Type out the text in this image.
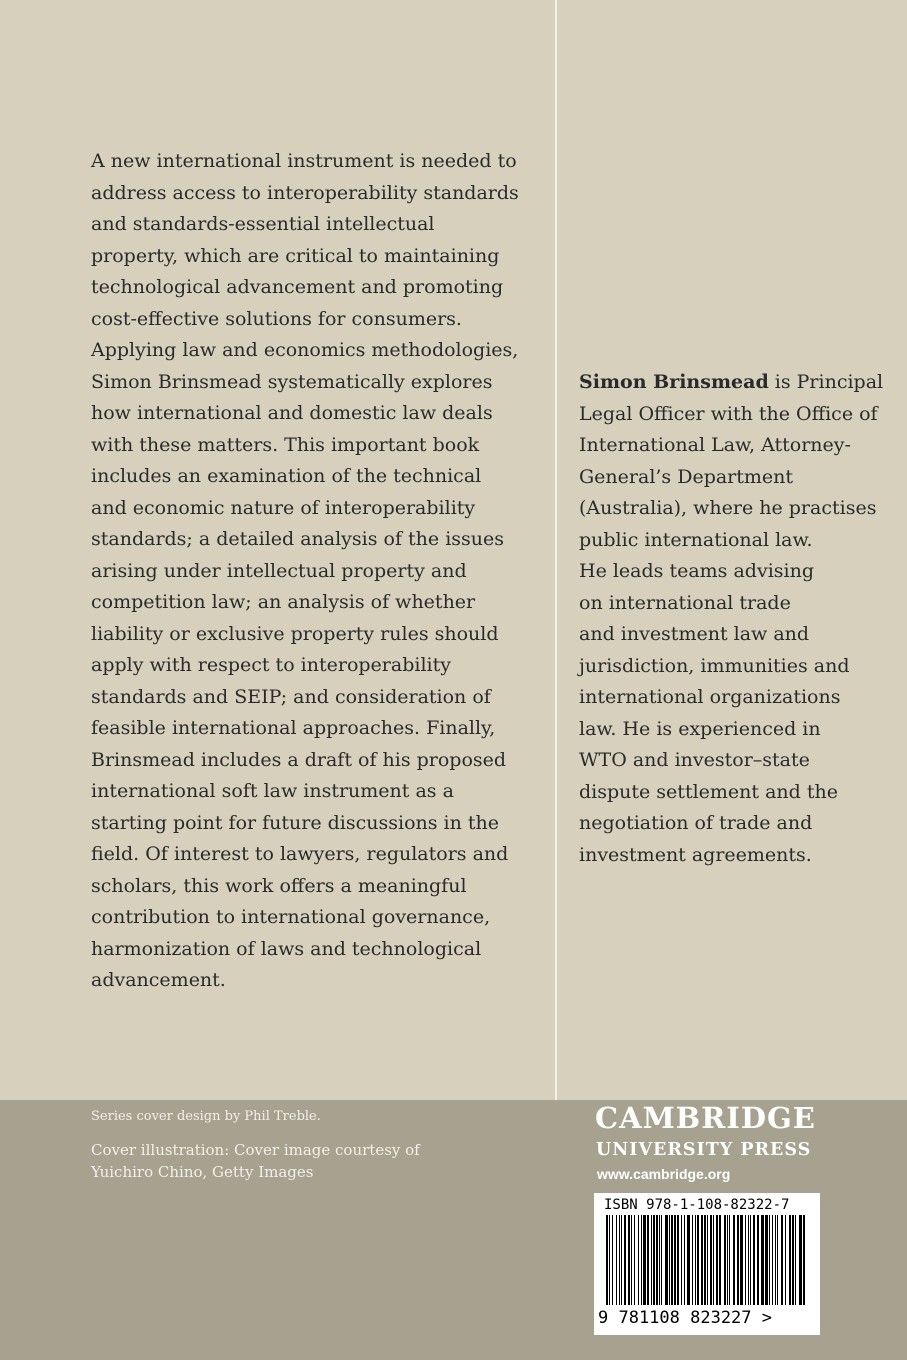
A new international instrument is needed to
address access to interoperability standards
and standards-essential intellectual
property, which are critical to maintaining
technological advancement and promoting
cost-effective solutions for consumers.
Applying law and economics methodologies,
Simon Brinsmead systematically explores
how international and domestic law deals
with these matters. This important book
includes an examination of the technical
and economic nature of interoperability
standards; a detailed analysis of the issues
arising under intellectual property and
competition law; an analysis of whether
liability or exclusive property rules should
apply with respect to interoperability
standards and SEIP; and consideration of
feasible international approaches. Finally,
Brinsmead includes a draft of his proposed
international soft law instrument as a
starting point for future discussions in the
field. Of interest to lawyers, regulators and
scholars, this work offers a meaningful
contribution to international governance,
harmonization of laws and technological
advancement.
Simon Brinsmead is Principal
Legal Officer with the Office of
International Law, Attorney-
General’s Department
(Australia), where he practises
public international law.
He leads teams advising
on international trade
and investment law and
jurisdiction, immunities and
international organizations
law. He is experienced in
WTO and investor–state
dispute settlement and the
negotiation of trade and
investment agreements.
Series cover design by Phil Treble.
Cover illustration: Cover image courtesy of
Yuichiro Chino, Getty Images
CAMBRIDGE
UNIVERSITY PRESS
www.cambridge.org
ISBN 978-1-108-82322-7
9 781108 823227 >
